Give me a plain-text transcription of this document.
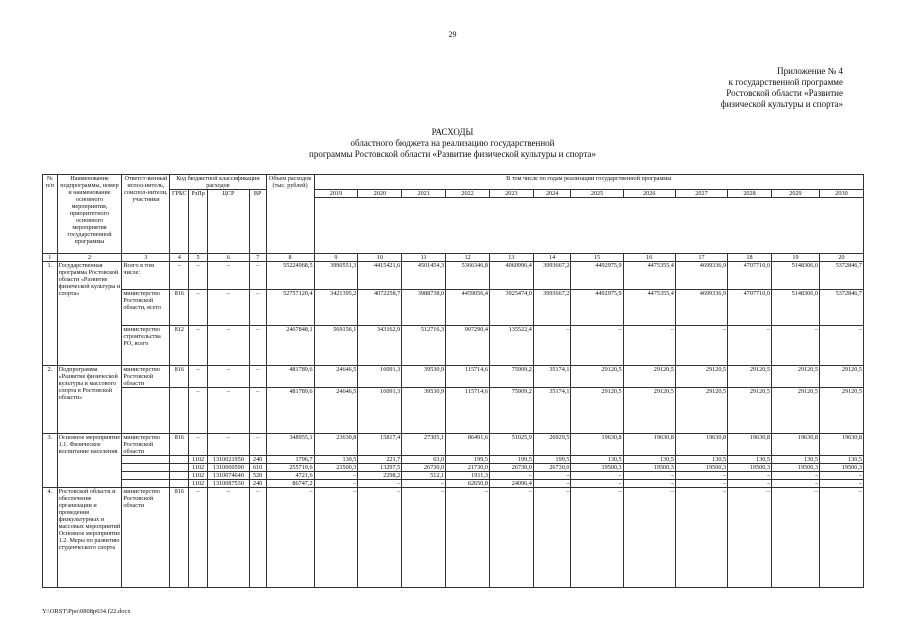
29
Приложение № 4
к государственной программе
Ростовской области «Развитие
физической культуры и спорта»
РАСХОДЫ
областного бюджета на реализацию государственной
программы Ростовской области «Развитие физической культуры и спорта»
№ п/п	Наименование подпрограммы, номер и наименование основного мероприятия, приоритетного основного мероприятия государственной программы	Ответст-венный испол-нитель, соиспол-нители, участники	Код бюджетной классификации расходов				Объем расходов (тыс. рублей)	В том числе по годам реализации государственной программы											
			ГРБС	РзПр	ЦСР	ВР		2019	2020	2021	2022	2023	2024	2025	2026	2027	2028	2029	2030

1	2	3	4	5	6	7	8	9	10	11	12	13	14	15	16	17	18	19	20
1.	Государственная программа Ростовской области «Развитие физической культуры и спорта»	Всего в том числе:	–	–	–	–	55224968,5	3990551,3	4415421,6	4501454,3	5366346,8	4060996,4	3993667,2	4492975,9	4475355,4	4699336,9	4707710,0	5148306,0	5372846,7
		министерство Ростовской области, всего	816	–	–	–	52757120,4	3421395,2	4072258,7	3988738,0	4459056,4	3925474,0	3993667,2	4492975,9	4475355,4	4699336,9	4707710,0	5148306,0	5372846,7
		министерство строительства РО, всего	812	–	–	–	2467848,1	569156,1	343162,9	512716,3	907290,4	135522,4	–	–	–	–	–	–	–
2.	Подпрограмма «Развитие физической культуры и массового спорта в Ростовской области»	министерство Ростовской области	816	–	–	–	481789,6	24646,5	16091,3	39530,9	115714,6	75909,2	35174,1	29120,5	29120,5	29120,5	29120,5	29120,5	29120,5
				–	–	–	481789,6	24646,5	16091,3	39530,9	115714,6	75909,2	35174,1	29120,5	29120,5	29120,5	29120,5	29120,5	29120,5
3.	Основное мероприятие 1.1. Физическое воспитание населения	министерство Ростовской области	816	–	–	–	348955,1	23630,8	15817,4	27305,1	86491,6	51025,9	26929,5	19630,8	19630,8	19630,8	19630,8	19630,8	19630,8
				1102	1310021950	240	1796,7	130,5	221,7	63,0	199,5	199,5	199,5	130,5	130,5	130,5	130,5	130,5	130,5
				1102	1310000590	610	255719,6	23500,3	13297,5	26730,0	21730,0	26730,0	26730,0	19500,3	19500,3	19500,3	19500,3	19500,3	19500,3
				1102	1310074640	520	4721,6	–	2298,2	512,1	1911,3	–	–	–	–	–	–	–	–
				1102	1310087530	240	86747,2	–	–	–	62650,8	24096,4	–	–	–	–	–	–	–
4.	Ростовской области и обеспечение организации и проведения физкультурных и массовых мероприятий Основное мероприятие 1.2. Меры по развитию студенческого спорта	министерство Ростовской области	816	–	–	–	–	–	–	–	–	–	–	–	–	–	–	–	–
Y:\ORST\Ppo\0808p634.f22.docx
